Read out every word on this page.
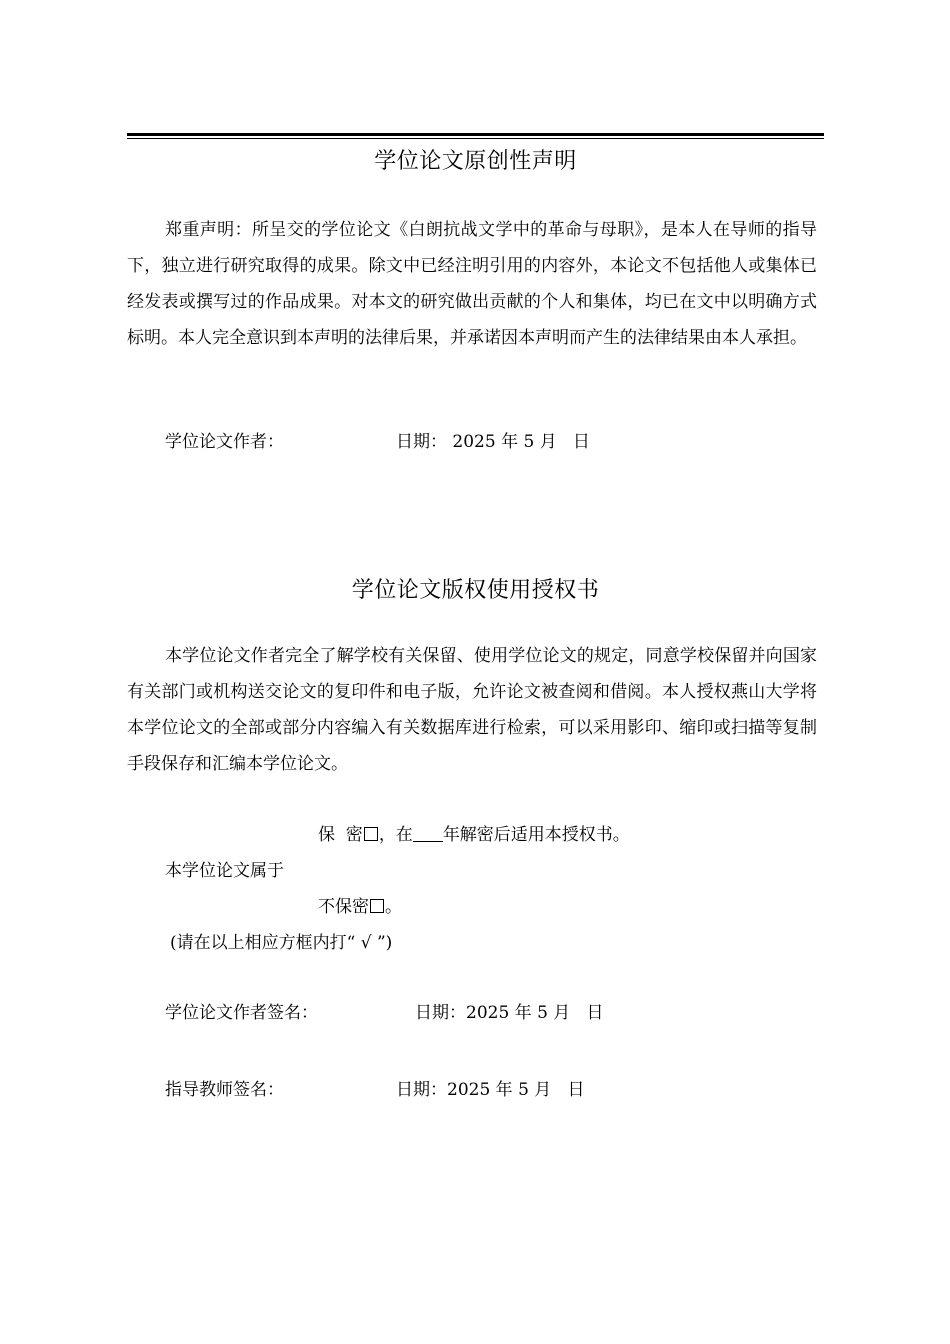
学位论文原创性声明
郑重声明：所呈交的学位论文《白朗抗战文学中的革命与母职》，是本人在导师的指导下，独立进行研究取得的成果。除文中已经注明引用的内容外，本论文不包括他人或集体已经发表或撰写过的作品成果。对本文的研究做出贡献的个人和集体，均已在文中以明确方式标明。本人完全意识到本声明的法律后果，并承诺因本声明而产生的法律结果由本人承担。
学位论文作者：	日期： 2025 年 5 月   日
学位论文版权使用授权书
本学位论文作者完全了解学校有关保留、使用学位论文的规定，同意学校保留并向国家有关部门或机构送交论文的复印件和电子版，允许论文被查阅和借阅。本人授权燕山大学将本学位论文的全部或部分内容编入有关数据库进行检索，可以采用影印、缩印或扫描等复制手段保存和汇编本学位论文。
保  密 ，在 年解密后适用本授权书。
本学位论文属于
不保密 。
(请在以上相应方框内打“ √ ”)
学位论文作者签名：	日期：2025 年 5 月   日
指导教师签名：	日期：2025 年 5 月   日
